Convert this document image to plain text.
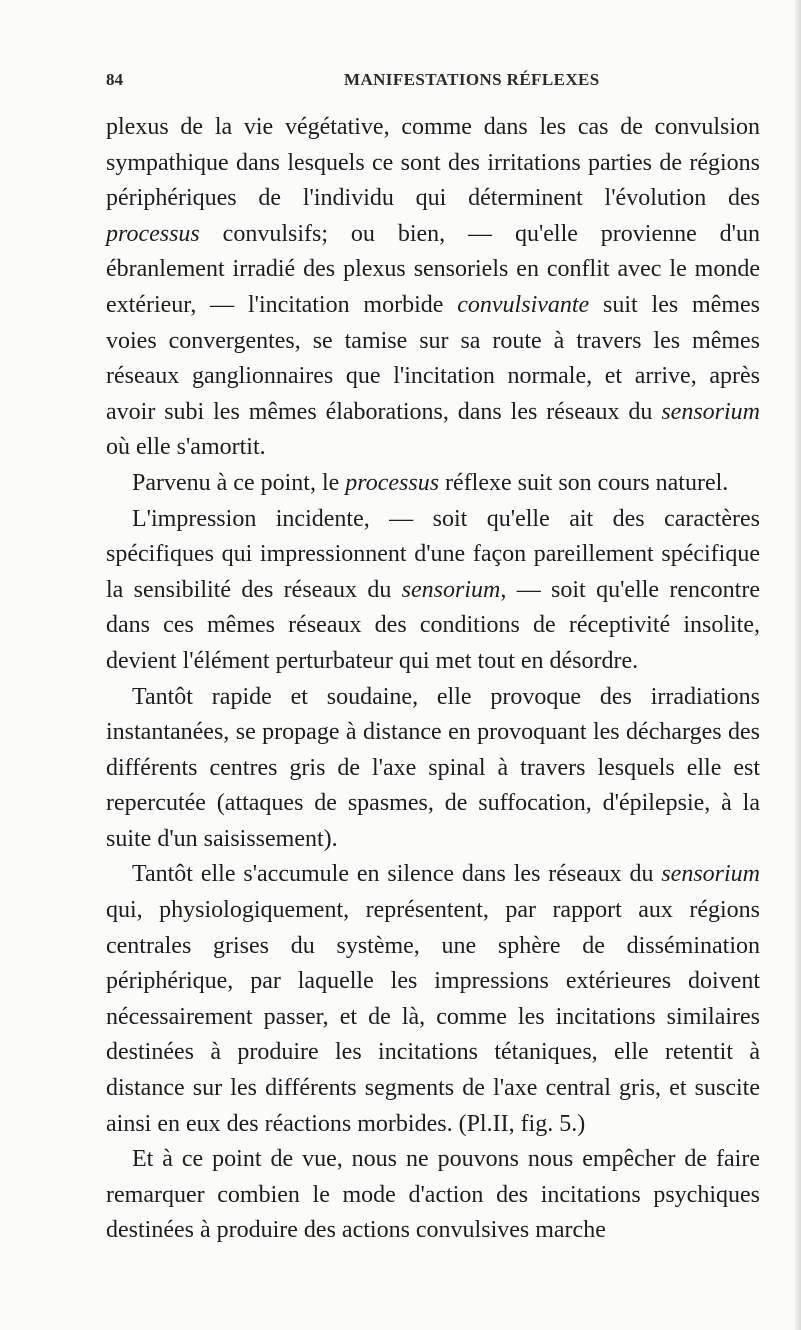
84	MANIFESTATIONS RÉFLEXES

plexus de la vie végétative, comme dans les cas de convulsion sympathique dans lesquels ce sont des irritations parties de régions périphériques de l'individu qui déterminent l'évolution des processus convulsifs; ou bien, — qu'elle provienne d'un ébranlement irradié des plexus sensoriels en conflit avec le monde extérieur, — l'incitation morbide convulsivante suit les mêmes voies convergentes, se tamise sur sa route à travers les mêmes réseaux ganglionnaires que l'incitation normale, et arrive, après avoir subi les mêmes élaborations, dans les réseaux du sensorium où elle s'amortit.

Parvenu à ce point, le processus réflexe suit son cours naturel.

L'impression incidente, — soit qu'elle ait des caractères spécifiques qui impressionnent d'une façon pareillement spécifique la sensibilité des réseaux du sensorium, — soit qu'elle rencontre dans ces mêmes réseaux des conditions de réceptivité insolite, devient l'élément perturbateur qui met tout en désordre.

Tantôt rapide et soudaine, elle provoque des irradiations instantanées, se propage à distance en provoquant les décharges des différents centres gris de l'axe spinal à travers lesquels elle est repercutée (attaques de spasmes, de suffocation, d'épilepsie, à la suite d'un saisissement).

Tantôt elle s'accumule en silence dans les réseaux du sensorium qui, physiologiquement, représentent, par rapport aux régions centrales grises du système, une sphère de dissémination périphérique, par laquelle les impressions extérieures doivent nécessairement passer, et de là, comme les incitations similaires destinées à produire les incitations tétaniques, elle retentit à distance sur les différents segments de l'axe central gris, et suscite ainsi en eux des réactions morbides. (Pl.II, fig. 5.)

Et à ce point de vue, nous ne pouvons nous empêcher de faire remarquer combien le mode d'action des incitations psychiques destinées à produire des actions convulsives marche
